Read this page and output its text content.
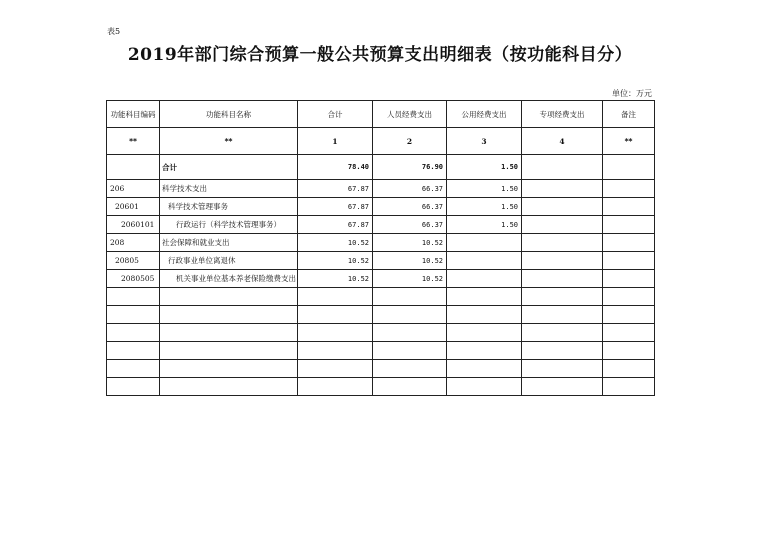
表5
2019年部门综合预算一般公共预算支出明细表（按功能科目分）
单位：万元
功能科目编码	功能科目名称	合计	人员经费支出	公用经费支出	专项经费支出	备注
**	**	1	2	3	4	**
	合计	78.40	76.90	1.50		
206	科学技术支出	67.87	66.37	1.50		
20601	科学技术管理事务	67.87	66.37	1.50		
2060101	行政运行（科学技术管理事务）	67.87	66.37	1.50		
208	社会保障和就业支出	10.52	10.52			
20805	行政事业单位离退休	10.52	10.52			
2080505	机关事业单位基本养老保险缴费支出	10.52	10.52			
